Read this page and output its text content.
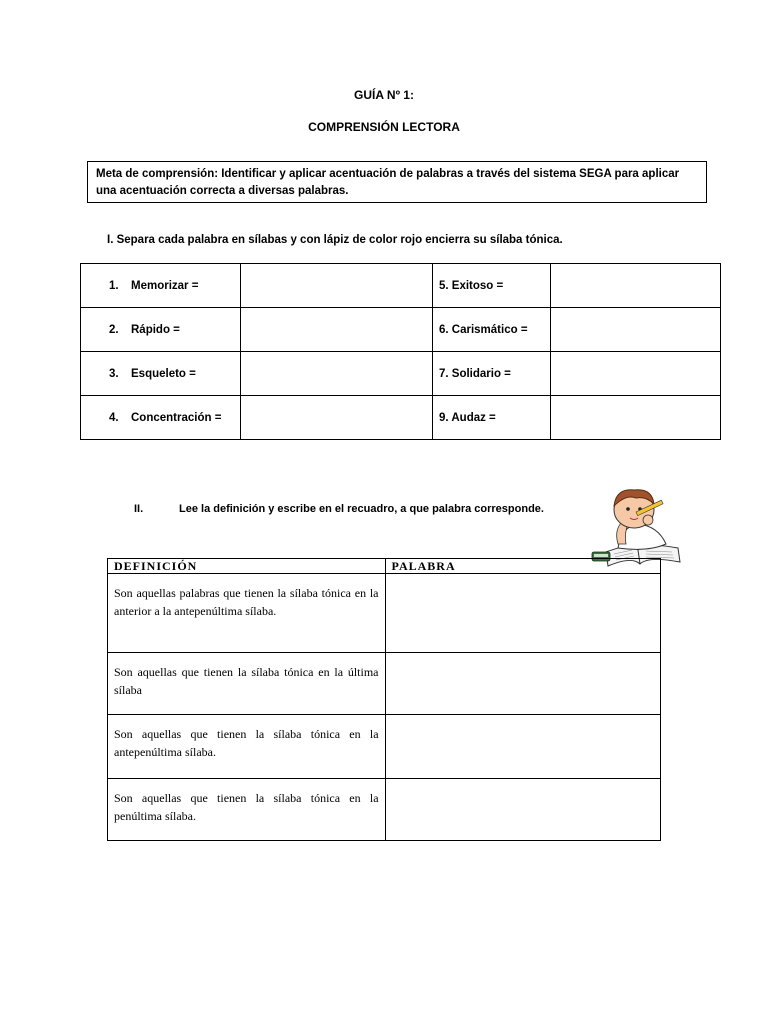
GUÍA Nº 1:
COMPRENSIÓN LECTORA
Meta de comprensión: Identificar y aplicar acentuación de palabras a través del sistema SEGA para aplicar una acentuación correcta a diversas palabras.
I. Separa cada palabra en sílabas y con lápiz de color rojo encierra su sílaba tónica.
1. Memorizar =		5. Exitoso =	
2. Rápido =		6. Carismático =	
3. Esqueleto =		7. Solidario =	
4. Concentración =		9. Audaz =	
II.	Lee la definición y escribe en el recuadro, a que palabra corresponde.
DEFINICIÓN	PALABRA
Son aquellas palabras que tienen la sílaba tónica en la anterior a la antepenúltima sílaba.	
Son aquellas que tienen la sílaba tónica en la última sílaba	
Son aquellas que tienen la sílaba tónica en la antepenúltima sílaba.	
Son aquellas que tienen la sílaba tónica en la penúltima sílaba.	
